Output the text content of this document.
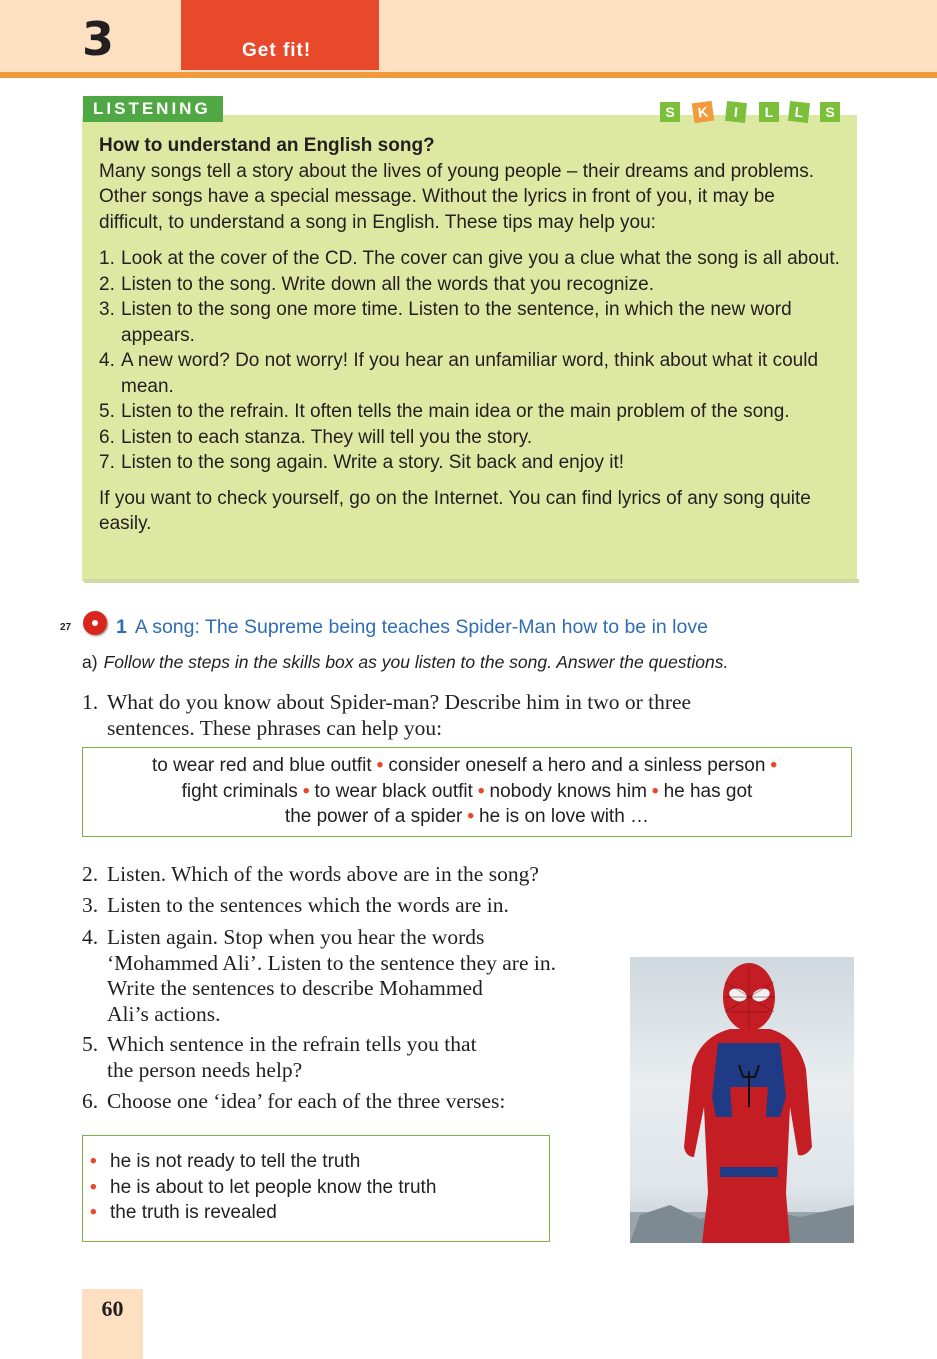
3	Get fit!
LISTENING	S	K	I	L	L	S
How to understand an English song?
Many songs tell a story about the lives of young people – their dreams and problems. Other songs have a special message. Without the lyrics in front of you, it may be difficult, to understand a song in English. These tips may help you:
1. Look at the cover of the CD. The cover can give you a clue what the song is all about.
2. Listen to the song. Write down all the words that you recognize.
3. Listen to the song one more time. Listen to the sentence, in which the new word appears.
4. A new word? Do not worry! If you hear an unfamiliar word, think about what it could mean.
5. Listen to the refrain. It often tells the main idea or the main problem of the song.
6. Listen to each stanza. They will tell you the story.
7. Listen to the song again. Write a story. Sit back and enjoy it!
If you want to check yourself, go on the Internet. You can find lyrics of any song quite easily.
27 1 A song: The Supreme being teaches Spider-Man how to be in love
a) Follow the steps in the skills box as you listen to the song. Answer the questions.
1. What do you know about Spider-man? Describe him in two or three
sentences. These phrases can help you:
to wear red and blue outfit • consider oneself a hero and a sinless person •
fight criminals • to wear black outfit • nobody knows him • he has got
the power of a spider • he is on love with …
2. Listen. Which of the words above are in the song?
3. Listen to the sentences which the words are in.
4. Listen again. Stop when you hear the words
‘Mohammed Ali’. Listen to the sentence they are in.
Write the sentences to describe Mohammed
Ali’s actions.
5. Which sentence in the refrain tells you that
the person needs help?
6. Choose one ‘idea’ for each of the three verses:
• he is not ready to tell the truth
• he is about to let people know the truth
• the truth is revealed
60
